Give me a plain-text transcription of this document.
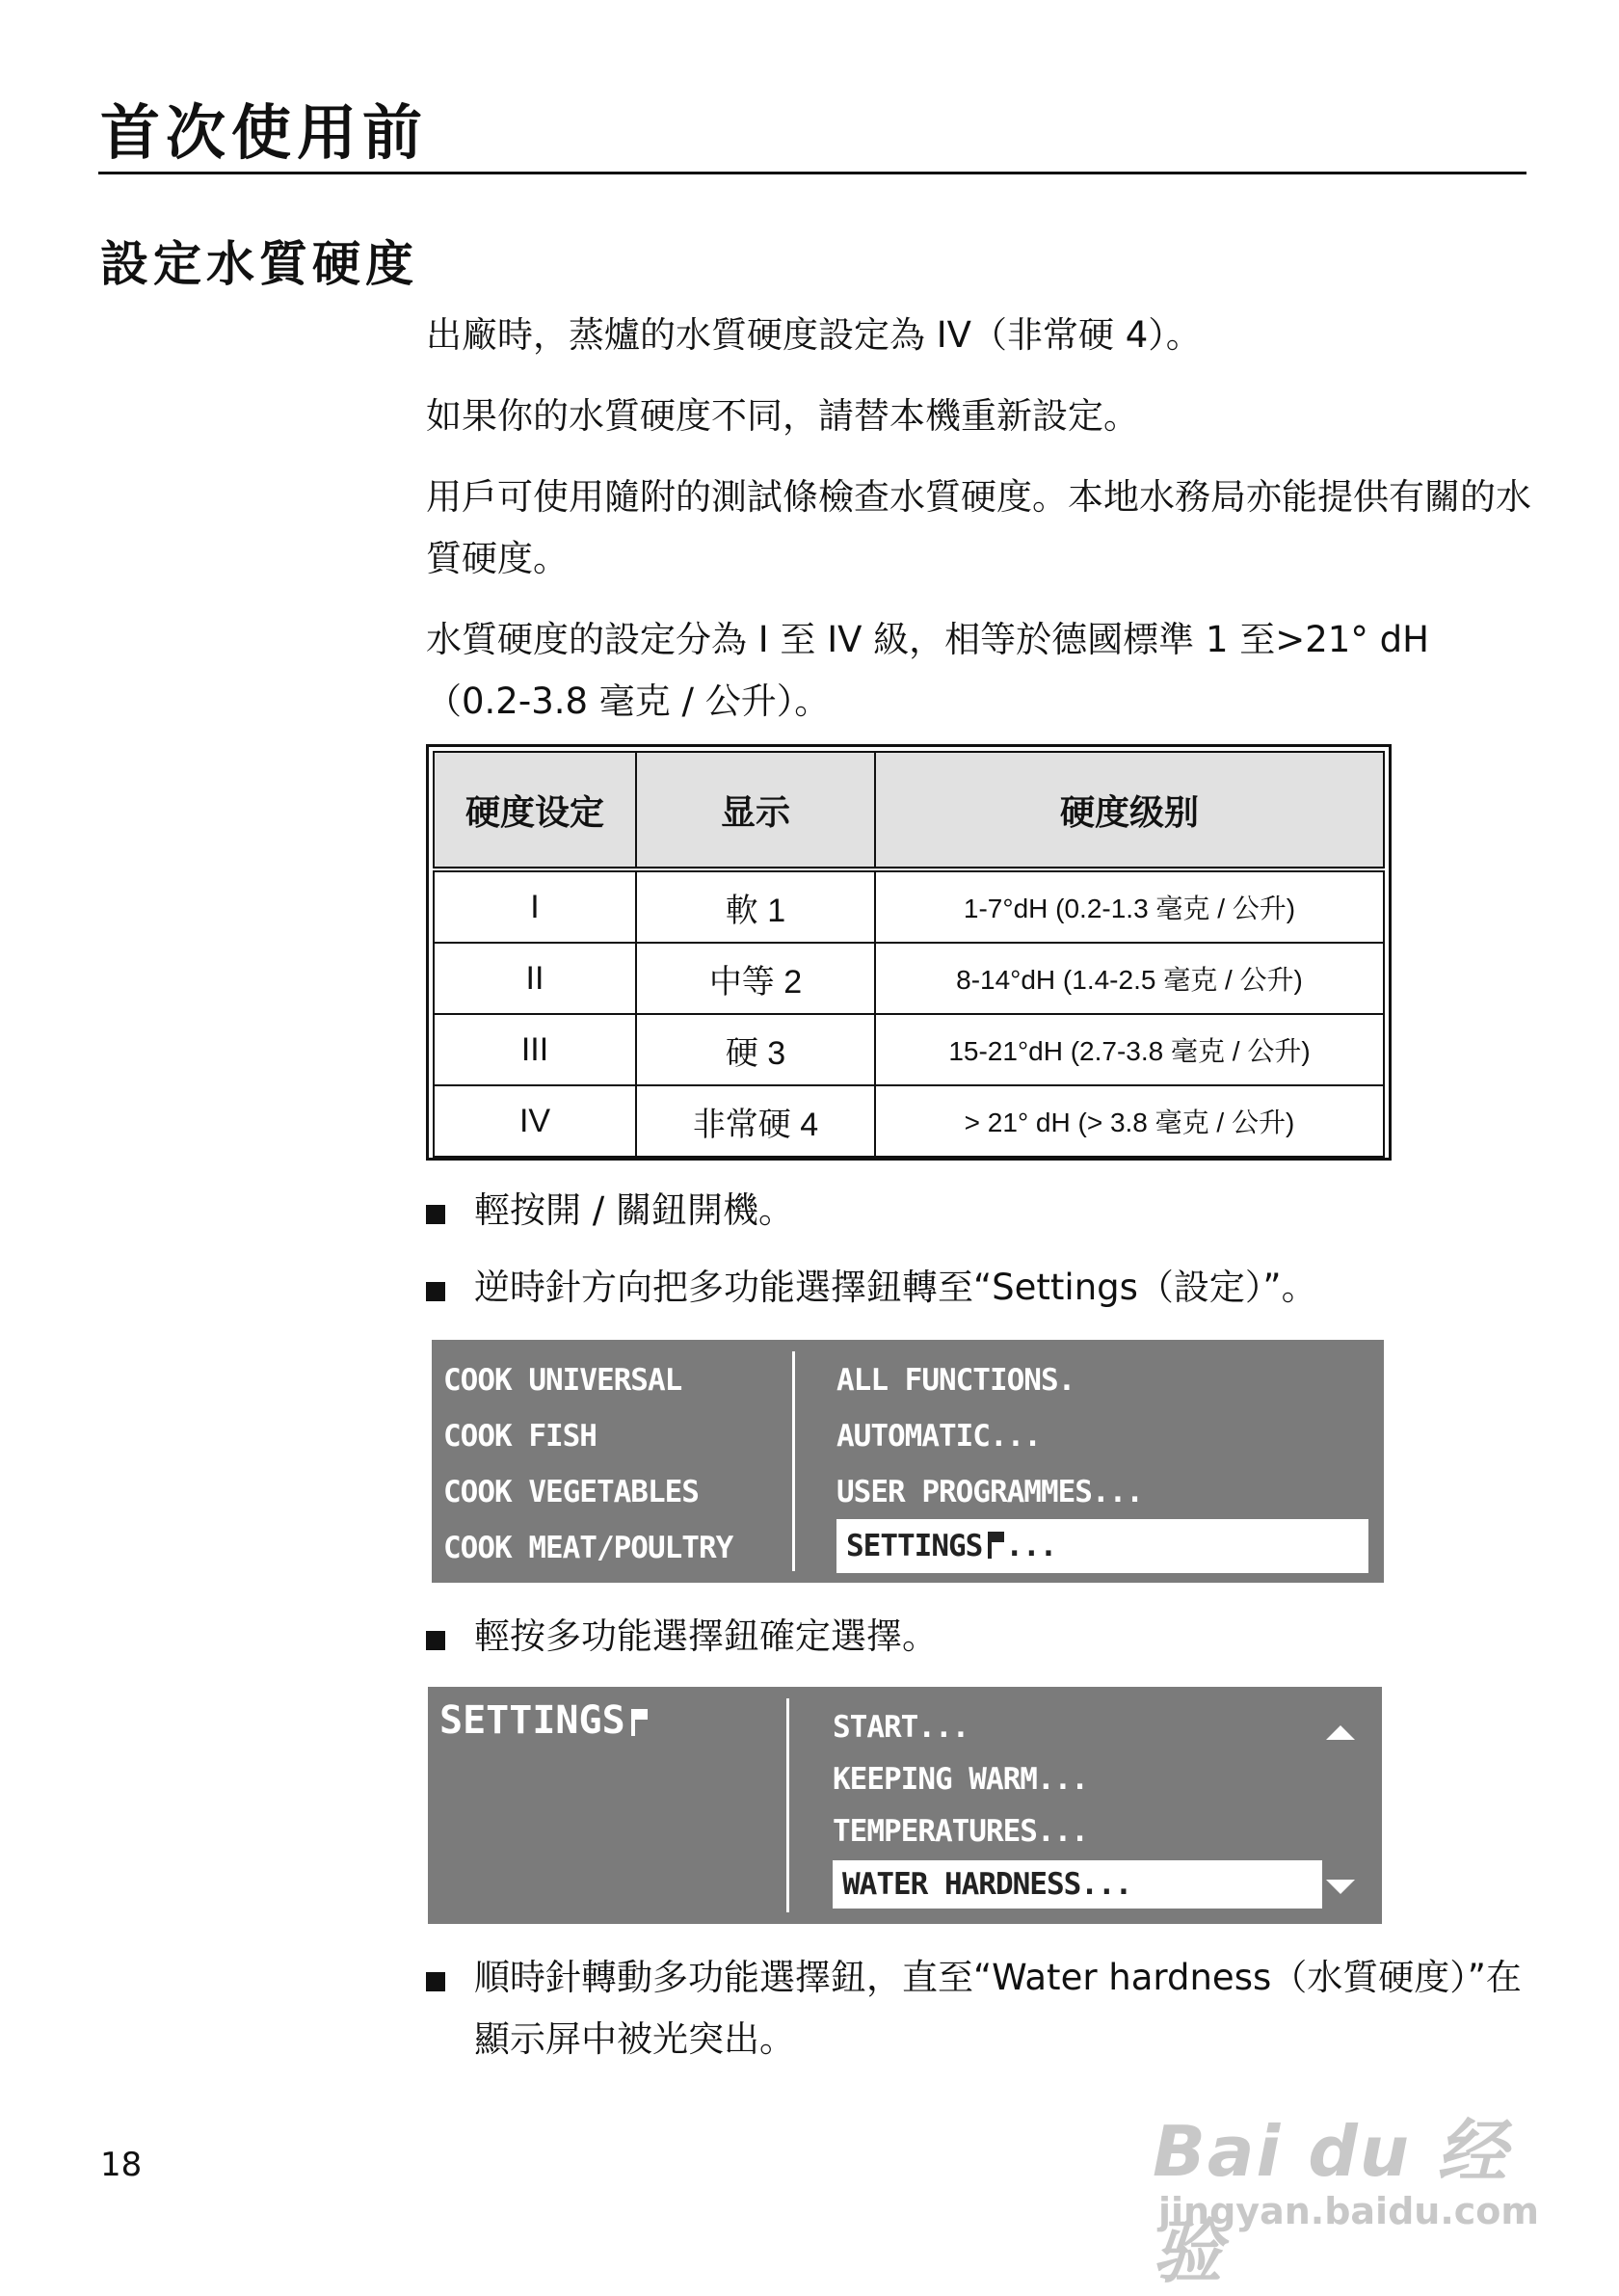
首次使用前
設定水質硬度

出廠時，蒸爐的水質硬度設定為 IV（非常硬 4）。

如果你的水質硬度不同，請替本機重新設定。

用戶可使用隨附的測試條檢查水質硬度。本地水務局亦能提供有關的水質硬度。

水質硬度的設定分為 I 至 IV 級，相等於德國標準 1 至>21° dH（0.2-3.8 毫克 / 公升）。

硬度设定	显示	硬度级别
I	軟 1	1-7°dH (0.2-1.3 毫克 / 公升)
II	中等 2	8-14°dH (1.4-2.5 毫克 / 公升)
III	硬 3	15-21°dH (2.7-3.8 毫克 / 公升)
IV	非常硬 4	> 21° dH (> 3.8 毫克 / 公升)

輕按開 / 關鈕開機。

逆時針方向把多功能選擇鈕轉至“Settings（設定）”。

COOK UNIVERSAL
COOK FISH
COOK VEGETABLES
COOK MEAT/POULTRY
ALL FUNCTIONS.
AUTOMATIC...
USER PROGRAMMES...
SETTINGS ...

輕按多功能選擇鈕確定選擇。

SETTINGS	START...
KEEPING WARM...
TEMPERATURES...
WATER HARDNESS...

順時針轉動多功能選擇鈕，直至“Water hardness（水質硬度）”在顯示屏中被光突出。

18	Bai du 经验
jingyan.baidu.com
